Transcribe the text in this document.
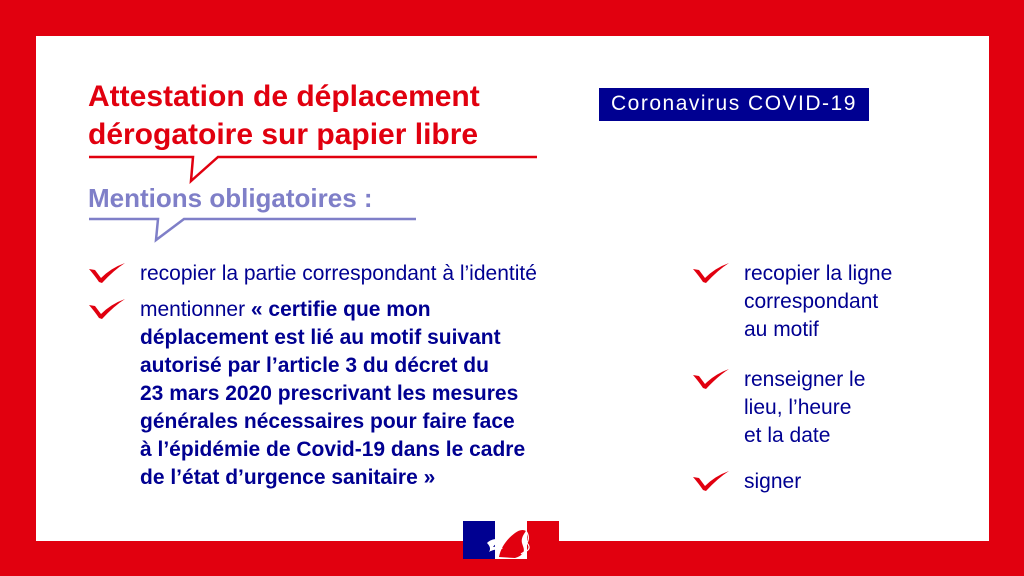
Attestation de déplacement
dérogatoire sur papier libre
Coronavirus COVID-19
Mentions obligatoires :
recopier la partie correspondant à l’identité
mentionner « certifie que mon
déplacement est lié au motif suivant
autorisé par l’article 3 du décret du
23 mars 2020 prescrivant les mesures
générales nécessaires pour faire face
à l’épidémie de Covid-19 dans le cadre
de l’état d’urgence sanitaire »
recopier la ligne
correspondant
au motif
renseigner le
lieu, l’heure
et la date
signer
